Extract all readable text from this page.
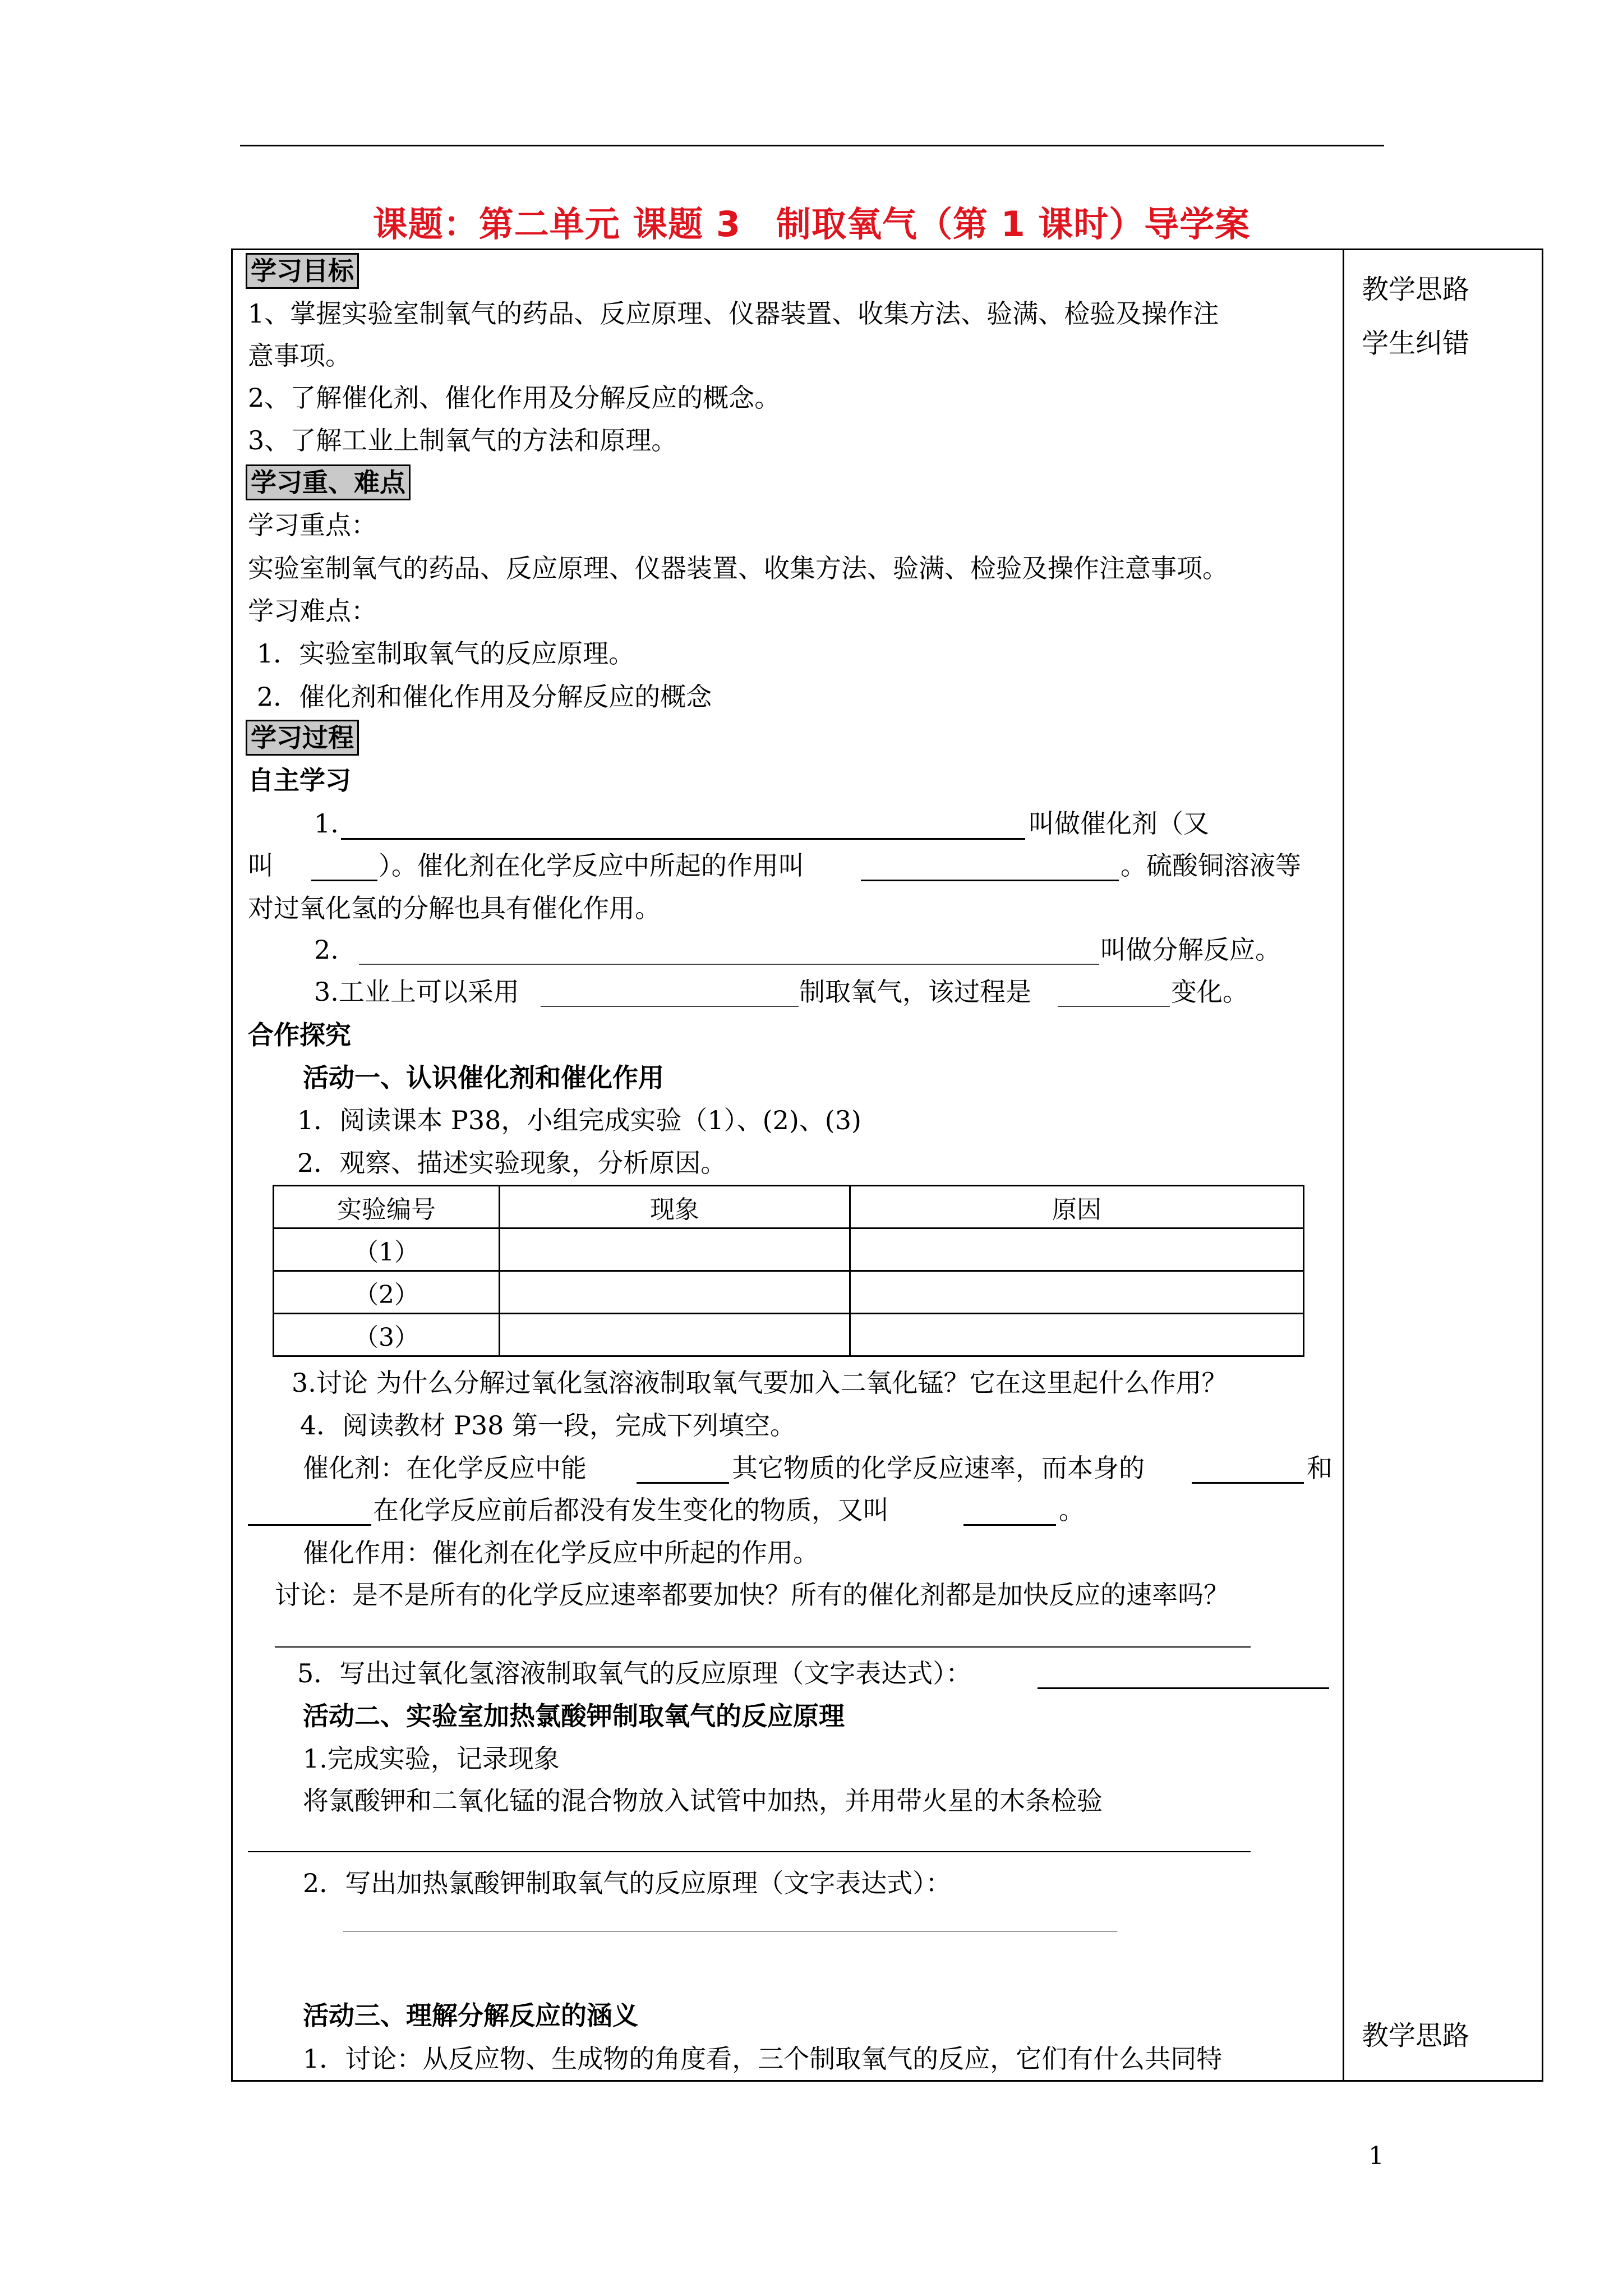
课题：第二单元 课题 3　制取氧气（第 1 课时）导学案
教学思路
学生纠错
教学思路
学习目标
1、掌握实验室制氧气的药品、反应原理、仪器装置、收集方法、验满、检验及操作注
意事项。
2、了解催化剂、催化作用及分解反应的概念。
3、了解工业上制氧气的方法和原理。
学习重、难点
学习重点：
实验室制氧气的药品、反应原理、仪器装置、收集方法、验满、检验及操作注意事项。
学习难点：
1．实验室制取氧气的反应原理。
2．催化剂和催化作用及分解反应的概念
学习过程
自主学习
1.	叫做催化剂（又
叫	）。催化剂在化学反应中所起的作用叫	。硫酸铜溶液等
对过氧化氢的分解也具有催化作用。
2.	叫做分解反应。
3.工业上可以采用	制取氧气，该过程是	变化。
合作探究
活动一、认识催化剂和催化作用
1．阅读课本 P38，小组完成实验（1）、(2)、(3)
2．观察、描述实验现象，分析原因。
实验编号	现象	原因
（1）		
（2）		
（3）		
3.讨论 为什么分解过氧化氢溶液制取氧气要加入二氧化锰？它在这里起什么作用？
4．阅读教材 P38 第一段，完成下列填空。
催化剂：在化学反应中能	其它物质的化学反应速率，而本身的	和
在化学反应前后都没有发生变化的物质，又叫	。
催化作用：催化剂在化学反应中所起的作用。
讨论：是不是所有的化学反应速率都要加快？所有的催化剂都是加快反应的速率吗？
5．写出过氧化氢溶液制取氧气的反应原理（文字表达式）：
活动二、实验室加热氯酸钾制取氧气的反应原理
1.完成实验，记录现象
将氯酸钾和二氧化锰的混合物放入试管中加热，并用带火星的木条检验
2．写出加热氯酸钾制取氧气的反应原理（文字表达式）：
活动三、理解分解反应的涵义
1．讨论：从反应物、生成物的角度看，三个制取氧气的反应，它们有什么共同特
1
